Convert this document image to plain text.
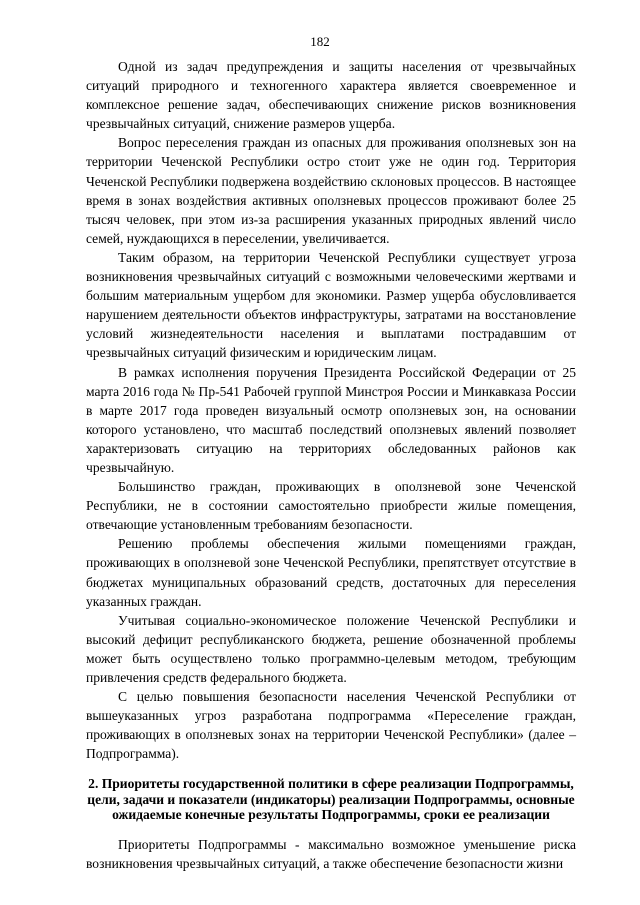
182

Одной из задач предупреждения и защиты населения от чрезвычайных ситуаций природного и техногенного характера является своевременное и комплексное решение задач, обеспечивающих снижение рисков возникновения чрезвычайных ситуаций, снижение размеров ущерба.

Вопрос переселения граждан из опасных для проживания оползневых зон на территории Чеченской Республики остро стоит уже не один год. Территория Чеченской Республики подвержена воздействию склоновых процессов. В настоящее время в зонах воздействия активных оползневых процессов проживают более 25 тысяч человек, при этом из-за расширения указанных природных явлений число семей, нуждающихся в переселении, увеличивается.

Таким образом, на территории Чеченской Республики существует угроза возникновения чрезвычайных ситуаций с возможными человеческими жертвами и большим материальным ущербом для экономики. Размер ущерба обусловливается нарушением деятельности объектов инфраструктуры, затратами на восстановление условий жизнедеятельности населения и выплатами пострадавшим от чрезвычайных ситуаций физическим и юридическим лицам.

В рамках исполнения поручения Президента Российской Федерации от 25 марта 2016 года № Пр-541 Рабочей группой Минстроя России и Минкавказа России в марте 2017 года проведен визуальный осмотр оползневых зон, на основании которого установлено, что масштаб последствий оползневых явлений позволяет характеризовать ситуацию на территориях обследованных районов как чрезвычайную.

Большинство граждан, проживающих в оползневой зоне Чеченской Республики, не в состоянии самостоятельно приобрести жилые помещения, отвечающие установленным требованиям безопасности.

Решению проблемы обеспечения жилыми помещениями граждан, проживающих в оползневой зоне Чеченской Республики, препятствует отсутствие в бюджетах муниципальных образований средств, достаточных для переселения указанных граждан.

Учитывая социально-экономическое положение Чеченской Республики и высокий дефицит республиканского бюджета, решение обозначенной проблемы может быть осуществлено только программно-целевым методом, требующим привлечения средств федерального бюджета.

С целью повышения безопасности населения Чеченской Республики от вышеуказанных угроз разработана подпрограмма «Переселение граждан, проживающих в оползневых зонах на территории Чеченской Республики» (далее – Подпрограмма).

2. Приоритеты государственной политики в сфере реализации Подпрограммы, цели, задачи и показатели (индикаторы) реализации Подпрограммы, основные ожидаемые конечные результаты Подпрограммы, сроки ее реализации

Приоритеты Подпрограммы - максимально возможное уменьшение риска возникновения чрезвычайных ситуаций, а также обеспечение безопасности жизни
